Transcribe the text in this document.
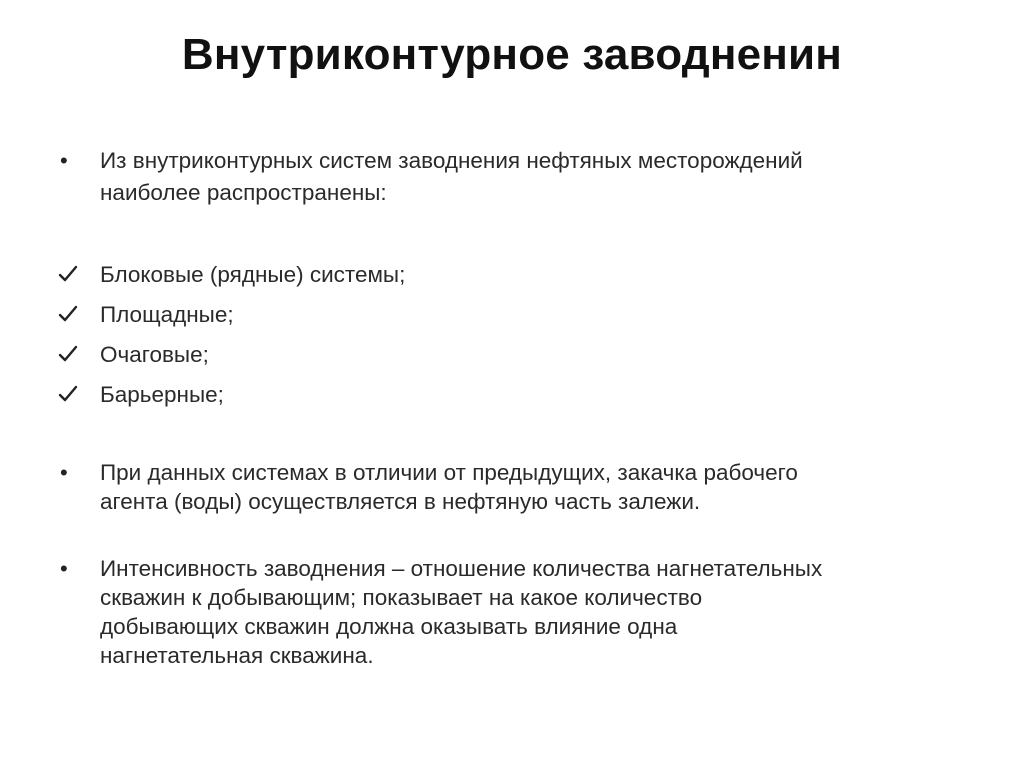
Внутриконтурное заводненин
• Из внутриконтурных систем заводнения нефтяных месторождений
наиболее распространены:
Блоковые (рядные) системы;
Площадные;
Очаговые;
Барьерные;
• При данных системах в отличии от предыдущих, закачка рабочего
агента (воды) осуществляется в нефтяную часть залежи.
• Интенсивность заводнения – отношение количества нагнетательных
скважин к добывающим; показывает на какое количество
добывающих скважин должна оказывать влияние одна
нагнетательная скважина.
